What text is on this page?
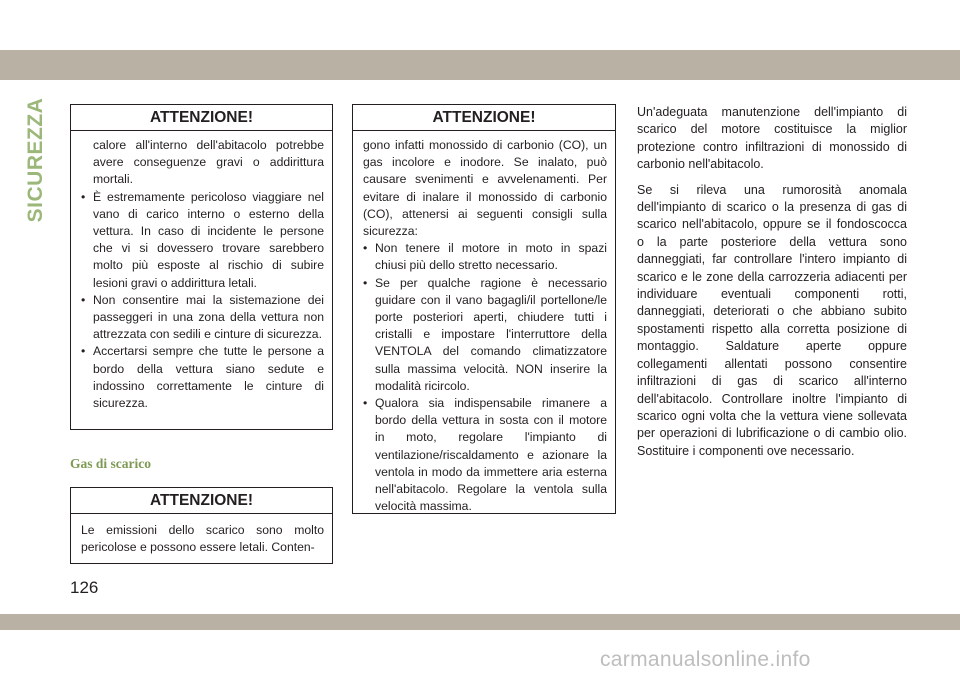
SICUREZZA	ATTENZIONE!

calore all'interno dell'abitacolo potrebbe avere conseguenze gravi o addirittura mortali.

• È estremamente pericoloso viaggiare nel vano di carico interno o esterno della vettura. In caso di incidente le persone che vi si dovessero trovare sarebbero molto più esposte al rischio di subire lesioni gravi o addirittura letali.
• Non consentire mai la sistemazione dei passeggeri in una zona della vettura non attrezzata con sedili e cinture di sicurezza.
• Accertarsi sempre che tutte le persone a bordo della vettura siano sedute e indossino correttamente le cinture di sicurezza.
Gas di scarico
ATTENZIONE!

Le emissioni dello scarico sono molto pericolose e possono essere letali. Conten-

ATTENZIONE!

gono infatti monossido di carbonio (CO), un gas incolore e inodore. Se inalato, può causare svenimenti e avvelenamenti. Per evitare di inalare il monossido di carbonio (CO), attenersi ai seguenti consigli sulla sicurezza:

• Non tenere il motore in moto in spazi chiusi più dello stretto necessario.
• Se per qualche ragione è necessario guidare con il vano bagagli/il portellone/le porte posteriori aperti, chiudere tutti i cristalli e impostare l'interruttore della VENTOLA del comando climatizzatore sulla massima velocità. NON inserire la modalità ricircolo.
• Qualora sia indispensabile rimanere a bordo della vettura in sosta con il motore in moto, regolare l'impianto di ventilazione/riscaldamento e azionare la ventola in modo da immettere aria esterna nell'abitacolo. Regolare la ventola sulla velocità massima.

Un'adeguata manutenzione dell'impianto di scarico del motore costituisce la miglior protezione contro infiltrazioni di monossido di carbonio nell'abitacolo.

Se si rileva una rumorosità anomala dell'impianto di scarico o la presenza di gas di scarico nell'abitacolo, oppure se il fondoscocca o la parte posteriore della vettura sono danneggiati, far controllare l'intero impianto di scarico e le zone della carrozzeria adiacenti per individuare eventuali componenti rotti, danneggiati, deteriorati o che abbiano subito spostamenti rispetto alla corretta posizione di montaggio. Saldature aperte oppure collegamenti allentati possono consentire infiltrazioni di gas di scarico all'interno dell'abitacolo. Controllare inoltre l'impianto di scarico ogni volta che la vettura viene sollevata per operazioni di lubrificazione o di cambio olio. Sostituire i componenti ove necessario.

126
carmanualsonline.info
